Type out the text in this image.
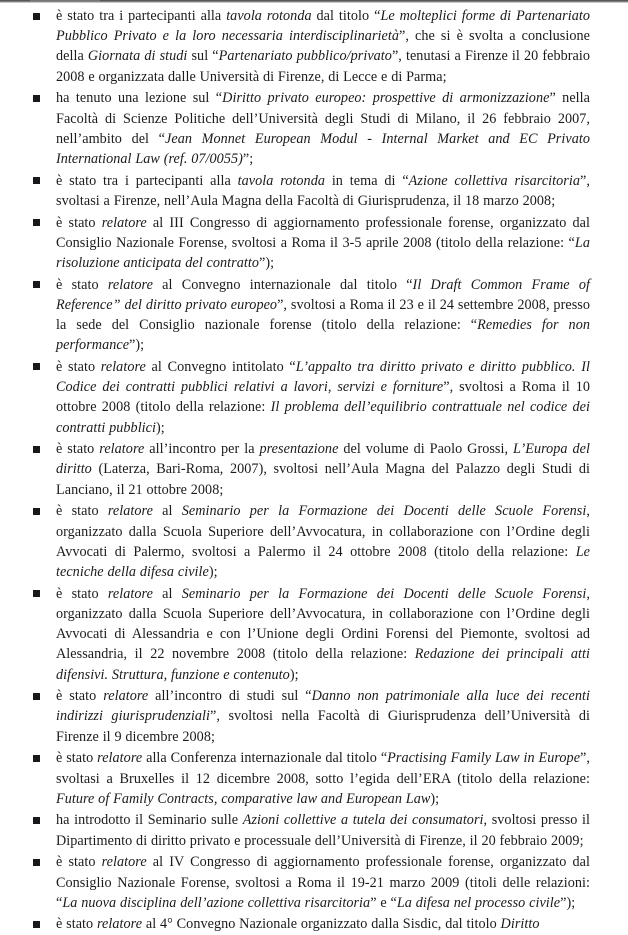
è stato tra i partecipanti alla tavola rotonda dal titolo “Le molteplici forme di Partenariato Pubblico Privato e la loro necessaria interdisciplinarietà”, che si è svolta a conclusione della Giornata di studi sul “Partenariato pubblico/privato”, tenutasi a Firenze il 20 febbraio 2008 e organizzata dalle Università di Firenze, di Lecce e di Parma;
ha tenuto una lezione sul “Diritto privato europeo: prospettive di armonizzazione” nella Facoltà di Scienze Politiche dell’Università degli Studi di Milano, il 26 febbraio 2007, nell’ambito del “Jean Monnet European Modul - Internal Market and EC Privato International Law (ref. 07/0055)”;
è stato tra i partecipanti alla tavola rotonda in tema di “Azione collettiva risarcitoria”, svoltasi a Firenze, nell’Aula Magna della Facoltà di Giurisprudenza, il 18 marzo 2008;
è stato relatore al III Congresso di aggiornamento professionale forense, organizzato dal Consiglio Nazionale Forense, svoltosi a Roma il 3-5 aprile 2008 (titolo della relazione: “La risoluzione anticipata del contratto”);
è stato relatore al Convegno internazionale dal titolo “Il Draft Common Frame of Reference” del diritto privato europeo”, svoltosi a Roma il 23 e il 24 settembre 2008, presso la sede del Consiglio nazionale forense (titolo della relazione: “Remedies for non performance”);
è stato relatore al Convegno intitolato “L’appalto tra diritto privato e diritto pubblico. Il Codice dei contratti pubblici relativi a lavori, servizi e forniture”, svoltosi a Roma il 10 ottobre 2008 (titolo della relazione: Il problema dell’equilibrio contrattuale nel codice dei contratti pubblici);
è stato relatore all’incontro per la presentazione del volume di Paolo Grossi, L’Europa del diritto (Laterza, Bari-Roma, 2007), svoltosi nell’Aula Magna del Palazzo degli Studi di Lanciano, il 21 ottobre 2008;
è stato relatore al Seminario per la Formazione dei Docenti delle Scuole Forensi, organizzato dalla Scuola Superiore dell’Avvocatura, in collaborazione con l’Ordine degli Avvocati di Palermo, svoltosi a Palermo il 24 ottobre 2008 (titolo della relazione: Le tecniche della difesa civile);
è stato relatore al Seminario per la Formazione dei Docenti delle Scuole Forensi, organizzato dalla Scuola Superiore dell’Avvocatura, in collaborazione con l’Ordine degli Avvocati di Alessandria e con l’Unione degli Ordini Forensi del Piemonte, svoltosi ad Alessandria, il 22 novembre 2008 (titolo della relazione: Redazione dei principali atti difensivi. Struttura, funzione e contenuto);
è stato relatore all’incontro di studi sul “Danno non patrimoniale alla luce dei recenti indirizzi giurisprudenziali”, svoltosi nella Facoltà di Giurisprudenza dell’Università di Firenze il 9 dicembre 2008;
è stato relatore alla Conferenza internazionale dal titolo “Practising Family Law in Europe”, svoltasi a Bruxelles il 12 dicembre 2008, sotto l’egida dell’ERA (titolo della relazione: Future of Family Contracts, comparative law and European Law);
ha introdotto il Seminario sulle Azioni collettive a tutela dei consumatori, svoltosi presso il Dipartimento di diritto privato e processuale dell’Università di Firenze, il 20 febbraio 2009;
è stato relatore al IV Congresso di aggiornamento professionale forense, organizzato dal Consiglio Nazionale Forense, svoltosi a Roma il 19-21 marzo 2009 (titoli delle relazioni: “La nuova disciplina dell’azione collettiva risarcitoria” e “La difesa nel processo civile”);
è stato relatore al 4° Convegno Nazionale organizzato dalla Sisdic, dal titolo Diritto
